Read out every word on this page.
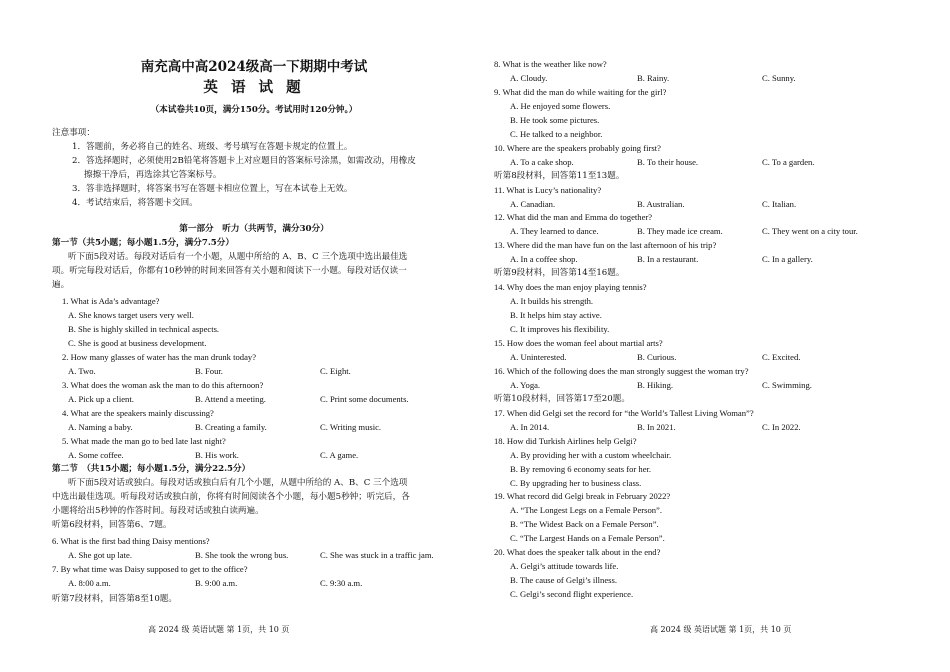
南充高中高2024级高一下期期中考试
英 语 试 题
（本试卷共10页，满分150分。考试用时120分钟。）
注意事项：
1．答题前，务必将自己的姓名、班级、考号填写在答题卡规定的位置上。
2．答选择题时，必须使用2B铅笔将答题卡上对应题目的答案标号涂黑，如需改动，用橡皮
擦擦干净后，再选涂其它答案标号。
3．答非选择题时，将答案书写在答题卡相应位置上，写在本试卷上无效。
4．考试结束后，将答题卡交回。
第一部分　听力（共两节，满分30分）
第一节（共5小题；每小题1.5分，满分7.5分）
听下面5段对话。每段对话后有一个小题，从题中所给的 A、B、C 三个选项中选出最佳选
项。听完每段对话后，你都有10秒钟的时间来回答有关小题和阅读下一小题。每段对话仅读一
遍。
1. What is Ada’s advantage?
A. She knows target users very well.
B. She is highly skilled in technical aspects.
C. She is good at business development.
2. How many glasses of water has the man drunk today?
A. Two.	B. Four.	C. Eight.
3. What does the woman ask the man to do this afternoon?
A. Pick up a client.	B. Attend a meeting.	C. Print some documents.
4. What are the speakers mainly discussing?
A. Naming a baby.	B. Creating a family.	C. Writing music.
5. What made the man go to bed late last night?
A. Some coffee.	B. His work.	C. A game.
第二节　（共15小题；每小题1.5分，满分22.5分）
听下面5段对话或独白。每段对话或独白后有几个小题，从题中所给的 A、B、C 三个选项
中选出最佳选项。听每段对话或独白前，你将有时间阅读各个小题，每小题5秒钟；听完后，各
小题将给出5秒钟的作答时间。每段对话或独白读两遍。
听第6段材料，回答第6、7题。
6. What is the first bad thing Daisy mentions?
A. She got up late.	B. She took the wrong bus.	C. She was stuck in a traffic jam.
7. By what time was Daisy supposed to get to the office?
A. 8:00 a.m.	B. 9:00 a.m.	C. 9:30 a.m.
听第7段材料，回答第8至10题。
8. What is the weather like now?
A. Cloudy.	B. Rainy.	C. Sunny.
9. What did the man do while waiting for the girl?
A. He enjoyed some flowers.
B. He took some pictures.
C. He talked to a neighbor.
10. Where are the speakers probably going first?
A. To a cake shop.	B. To their house.	C. To a garden.
听第8段材料，回答第11至13题。
11. What is Lucy’s nationality?
A. Canadian.	B. Australian.	C. Italian.
12. What did the man and Emma do together?
A. They learned to dance.	B. They made ice cream.	C. They went on a city tour.
13. Where did the man have fun on the last afternoon of his trip?
A. In a coffee shop.	B. In a restaurant.	C. In a gallery.
听第9段材料，回答第14至16题。
14. Why does the man enjoy playing tennis?
A. It builds his strength.
B. It helps him stay active.
C. It improves his flexibility.
15. How does the woman feel about martial arts?
A. Uninterested.	B. Curious.	C. Excited.
16. Which of the following does the man strongly suggest the woman try?
A. Yoga.	B. Hiking.	C. Swimming.
听第10段材料，回答第17至20题。
17. When did Gelgi set the record for “the World’s Tallest Living Woman”?
A. In 2014.	B. In 2021.	C. In 2022.
18. How did Turkish Airlines help Gelgi?
A. By providing her with a custom wheelchair.
B. By removing 6 economy seats for her.
C. By upgrading her to business class.
19. What record did Gelgi break in February 2022?
A. “The Longest Legs on a Female Person”.
B. “The Widest Back on a Female Person”.
C. “The Largest Hands on a Female Person”.
20. What does the speaker talk about in the end?
A. Gelgi’s attitude towards life.
B. The cause of Gelgi’s illness.
C. Gelgi’s second flight experience.
高 2024 级 英语试题 第 1页，共 10 页	高 2024 级 英语试题 第 1页，共 10 页
